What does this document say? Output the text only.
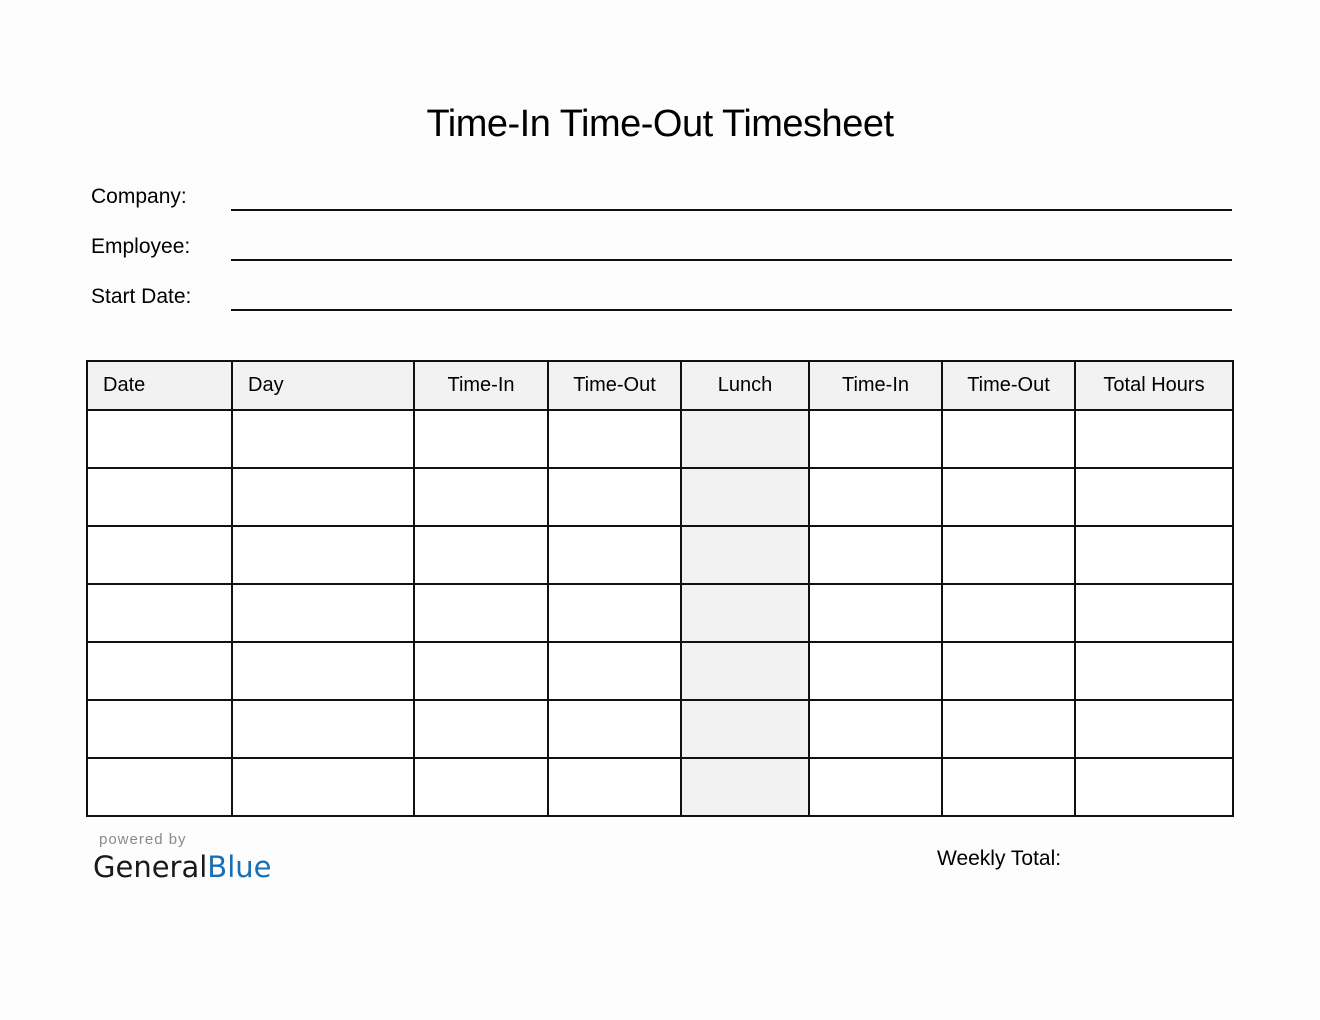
Time-In Time-Out Timesheet
Company:
Employee:
Start Date:
Date	Day	Time-In	Time-Out	Lunch	Time-In	Time-Out	Total Hours

powered by
GeneralBlue	Weekly Total:
